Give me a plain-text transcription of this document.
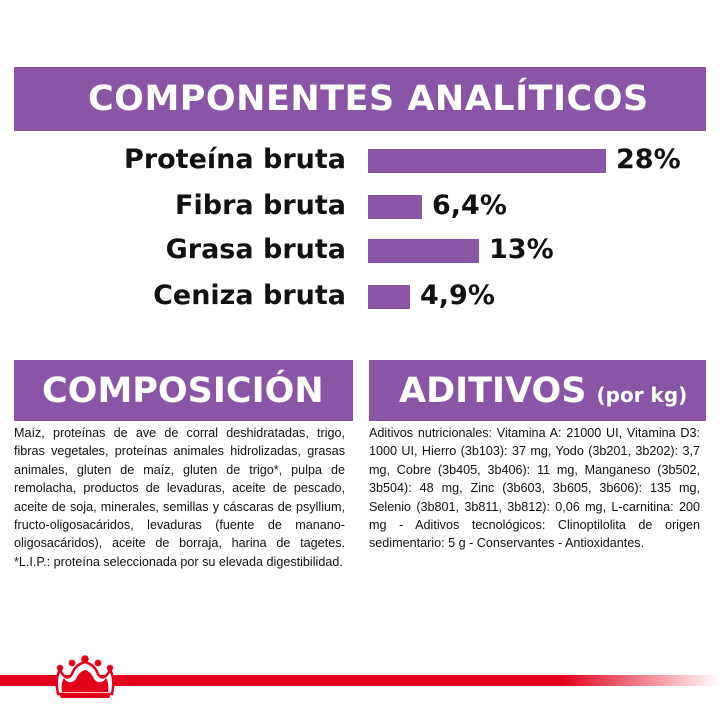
COMPONENTES ANALÍTICOS
Proteína bruta	28%
Fibra bruta	6,4%
Grasa bruta	13%
Ceniza bruta	4,9%
COMPOSICIÓN

Maíz, proteínas de ave de corral deshidratadas, trigo, fibras vegetales, proteínas animales hidrolizadas, grasas animales, gluten de maíz, gluten de trigo*, pulpa de remolacha, productos de levaduras, aceite de pescado, aceite de soja, minerales, semillas y cáscaras de psyllium, fructo-oligosacáridos, levaduras (fuente de manano-oligosacáridos), aceite de borraja, harina de tagetes. *L.I.P.: proteína seleccionada por su elevada digestibilidad.

ADITIVOS (por kg)

Aditivos nutricionales: Vitamina A: 21000 UI, Vitamina D3: 1000 UI, Hierro (3b103): 37 mg, Yodo (3b201, 3b202): 3,7 mg, Cobre (3b405, 3b406): 11 mg, Manganeso (3b502, 3b504): 48 mg, Zinc (3b603, 3b605, 3b606): 135 mg, Selenio (3b801, 3b811, 3b812): 0,06 mg, L-carnitina: 200 mg - Aditivos tecnológicos: Clinoptilolita de origen sedimentario: 5 g - Conservantes - Antioxidantes.
